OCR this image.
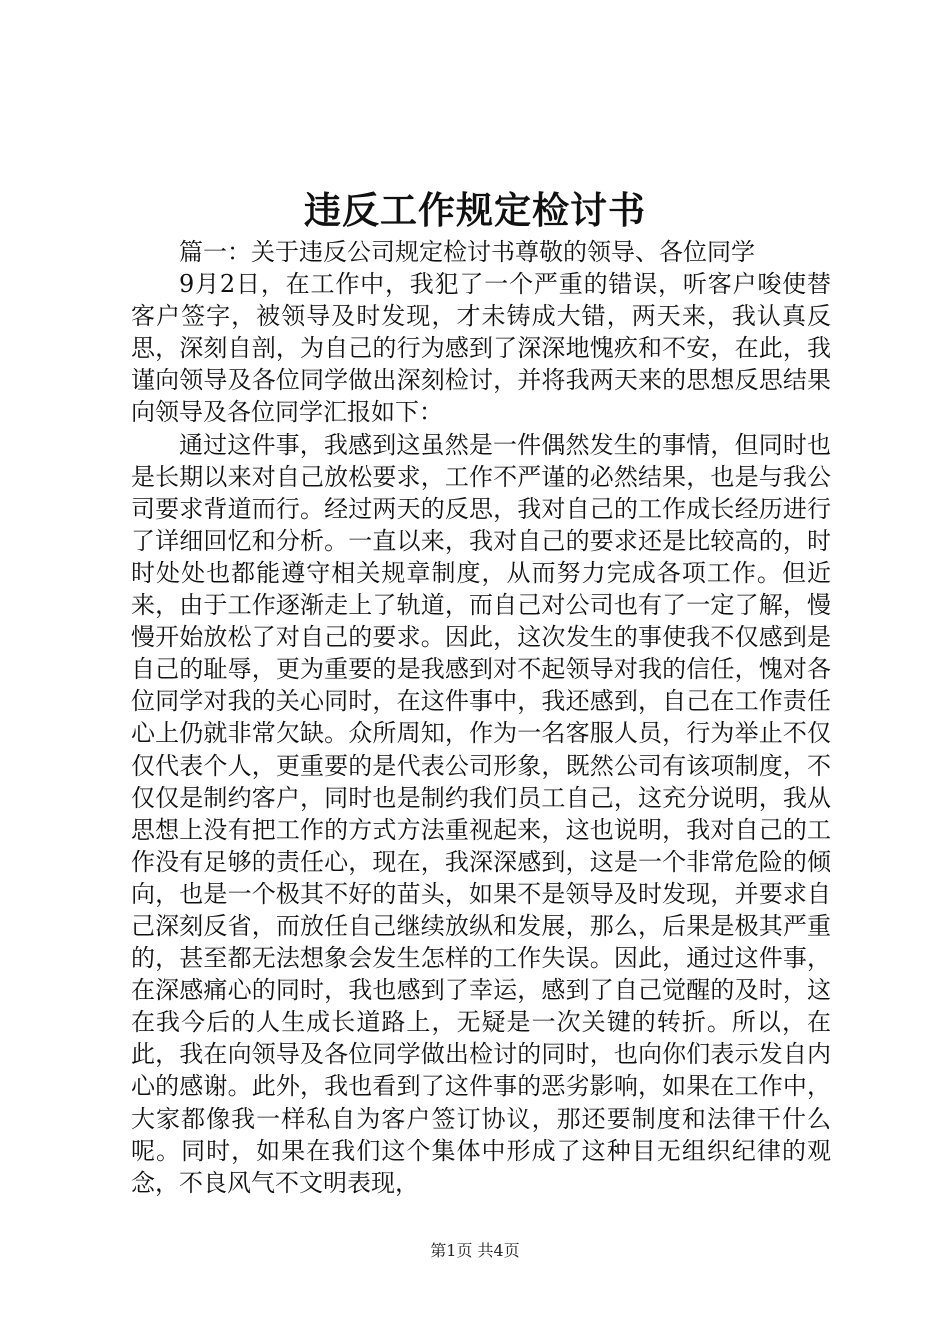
违反工作规定检讨书

篇一：关于违反公司规定检讨书尊敬的领导、各位同学

9月2日，在工作中，我犯了一个严重的错误，听客户唆使替客户签字，被领导及时发现，才未铸成大错，两天来，我认真反思，深刻自剖，为自己的行为感到了深深地愧疚和不安，在此，我谨向领导及各位同学做出深刻检讨，并将我两天来的思想反思结果向领导及各位同学汇报如下：

通过这件事，我感到这虽然是一件偶然发生的事情，但同时也是长期以来对自己放松要求，工作不严谨的必然结果，也是与我公司要求背道而行。经过两天的反思，我对自己的工作成长经历进行了详细回忆和分析。一直以来，我对自己的要求还是比较高的，时时处处也都能遵守相关规章制度，从而努力完成各项工作。但近来，由于工作逐渐走上了轨道，而自己对公司也有了一定了解，慢慢开始放松了对自己的要求。因此，这次发生的事使我不仅感到是自己的耻辱，更为重要的是我感到对不起领导对我的信任，愧对各位同学对我的关心同时，在这件事中，我还感到，自己在工作责任心上仍就非常欠缺。众所周知，作为一名客服人员，行为举止不仅仅代表个人，更重要的是代表公司形象，既然公司有该项制度，不仅仅是制约客户，同时也是制约我们员工自己，这充分说明，我从思想上没有把工作的方式方法重视起来，这也说明，我对自己的工作没有足够的责任心，现在，我深深感到，这是一个非常危险的倾向，也是一个极其不好的苗头，如果不是领导及时发现，并要求自己深刻反省，而放任自己继续放纵和发展，那么，后果是极其严重的，甚至都无法想象会发生怎样的工作失误。因此，通过这件事，在深感痛心的同时，我也感到了幸运，感到了自己觉醒的及时，这在我今后的人生成长道路上，无疑是一次关键的转折。所以，在此，我在向领导及各位同学做出检讨的同时，也向你们表示发自内心的感谢。此外，我也看到了这件事的恶劣影响，如果在工作中，大家都像我一样私自为客户签订协议，那还要制度和法律干什么呢。同时，如果在我们这个集体中形成了这种目无组织纪律的观念，不良风气不文明表现，

第1页 共4页
